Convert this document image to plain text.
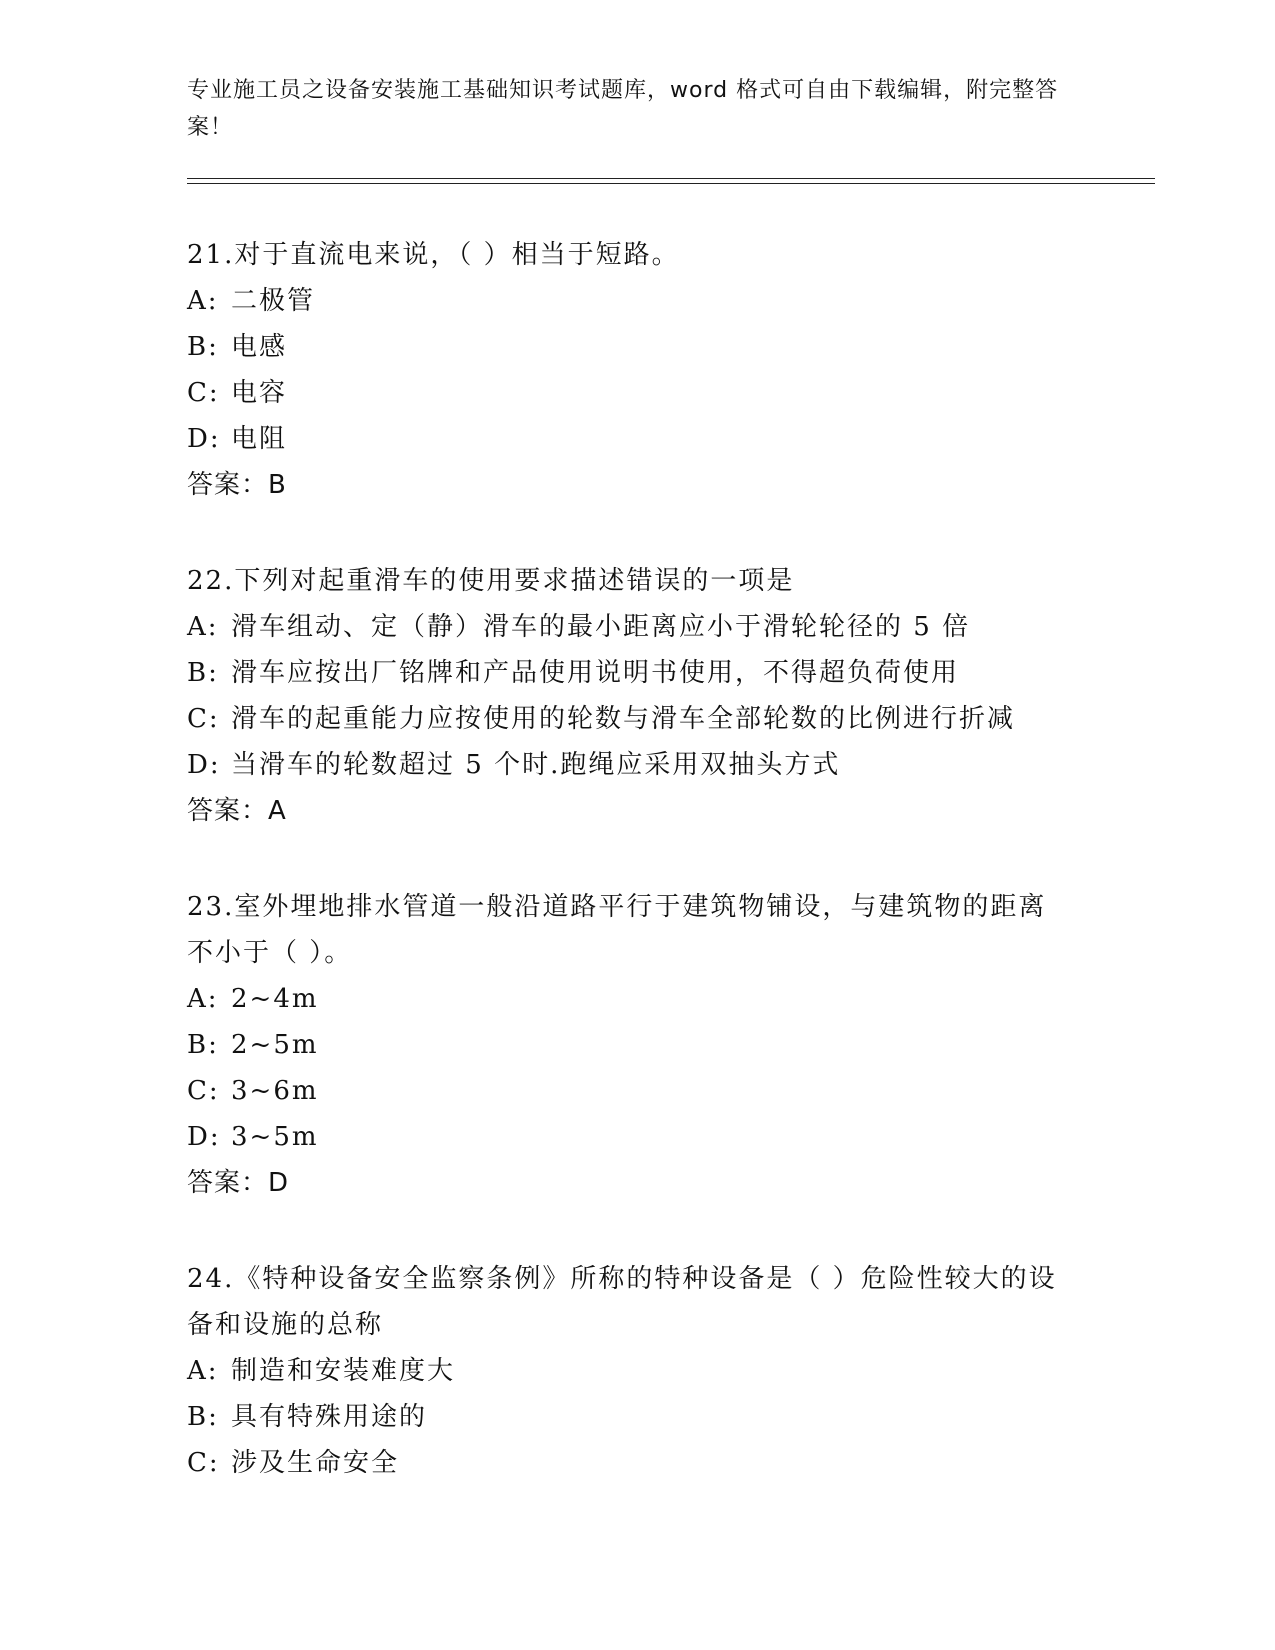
专业施工员之设备安装施工基础知识考试题库，word 格式可自由下载编辑，附完整答案！
21.对于直流电来说，（ ）相当于短路。
A: 二极管
B: 电感
C: 电容
D: 电阻
答案：B
22.下列对起重滑车的使用要求描述错误的一项是
A: 滑车组动、定（静）滑车的最小距离应小于滑轮轮径的 5 倍
B: 滑车应按出厂铭牌和产品使用说明书使用，不得超负荷使用
C: 滑车的起重能力应按使用的轮数与滑车全部轮数的比例进行折减
D: 当滑车的轮数超过 5 个时.跑绳应采用双抽头方式
答案：A
23.室外埋地排水管道一般沿道路平行于建筑物铺设，与建筑物的距离不小于（ ）。
A: 2~4m
B: 2~5m
C: 3~6m
D: 3~5m
答案：D
24.《特种设备安全监察条例》所称的特种设备是（ ）危险性较大的设备和设施的总称
A: 制造和安装难度大
B: 具有特殊用途的
C: 涉及生命安全
